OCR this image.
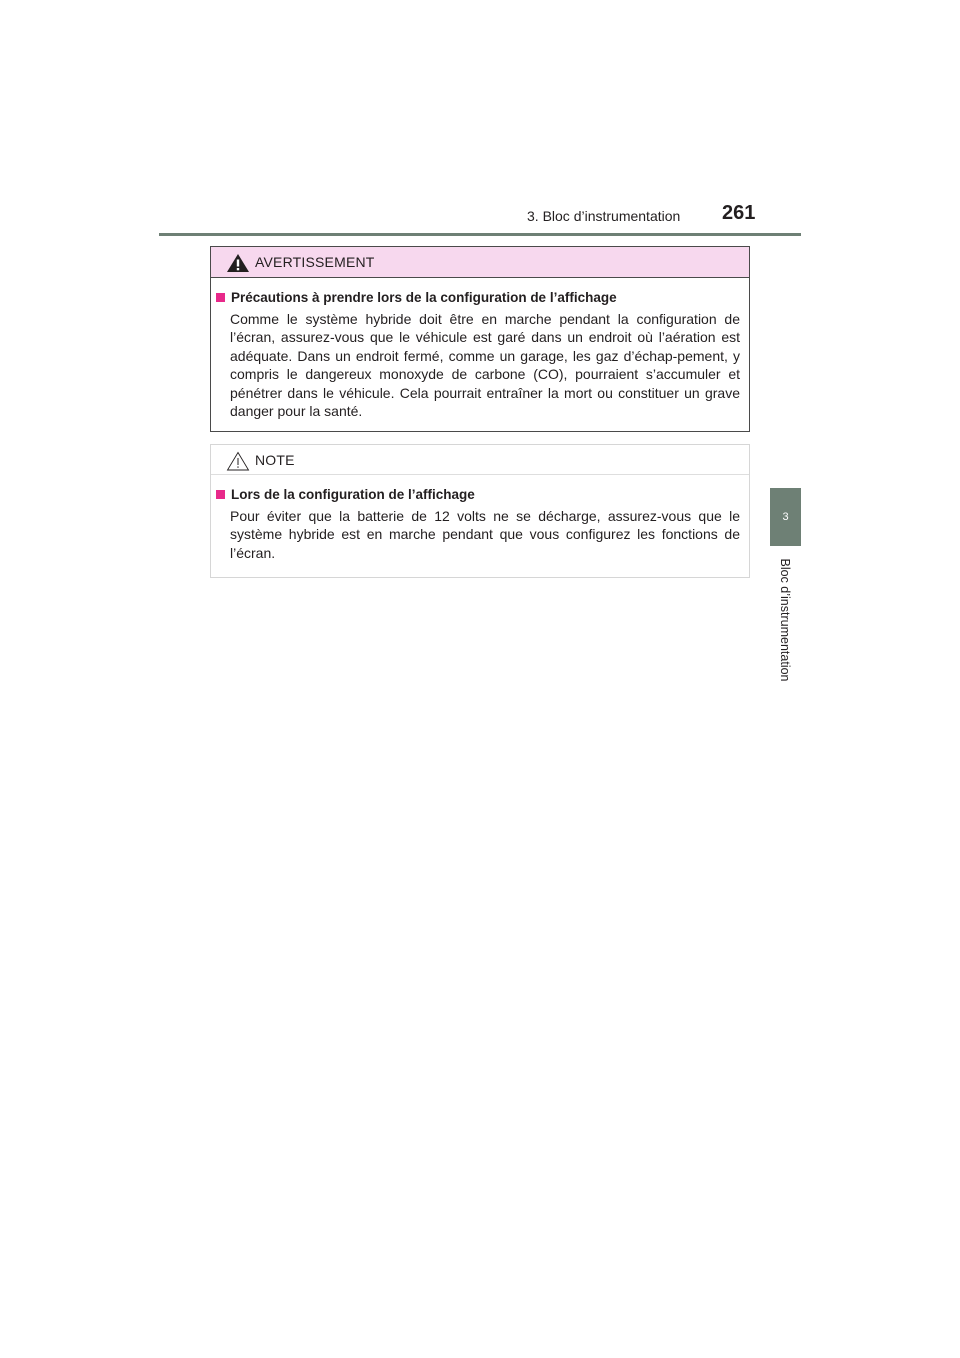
3. Bloc d’instrumentation 261
3
Bloc d’instrumentation
AVERTISSEMENT
Précautions à prendre lors de la configuration de l’affichage
Comme le système hybride doit être en marche pendant la configuration de l’écran, assurez-vous que le véhicule est garé dans un endroit où l’aération est adéquate. Dans un endroit fermé, comme un garage, les gaz d’échap-pement, y compris le dangereux monoxyde de carbone (CO), pourraient s’accumuler et pénétrer dans le véhicule. Cela pourrait entraîner la mort ou constituer un grave danger pour la santé.
NOTE
Lors de la configuration de l’affichage
Pour éviter que la batterie de 12 volts ne se décharge, assurez-vous que le système hybride est en marche pendant que vous configurez les fonctions de l’écran.
